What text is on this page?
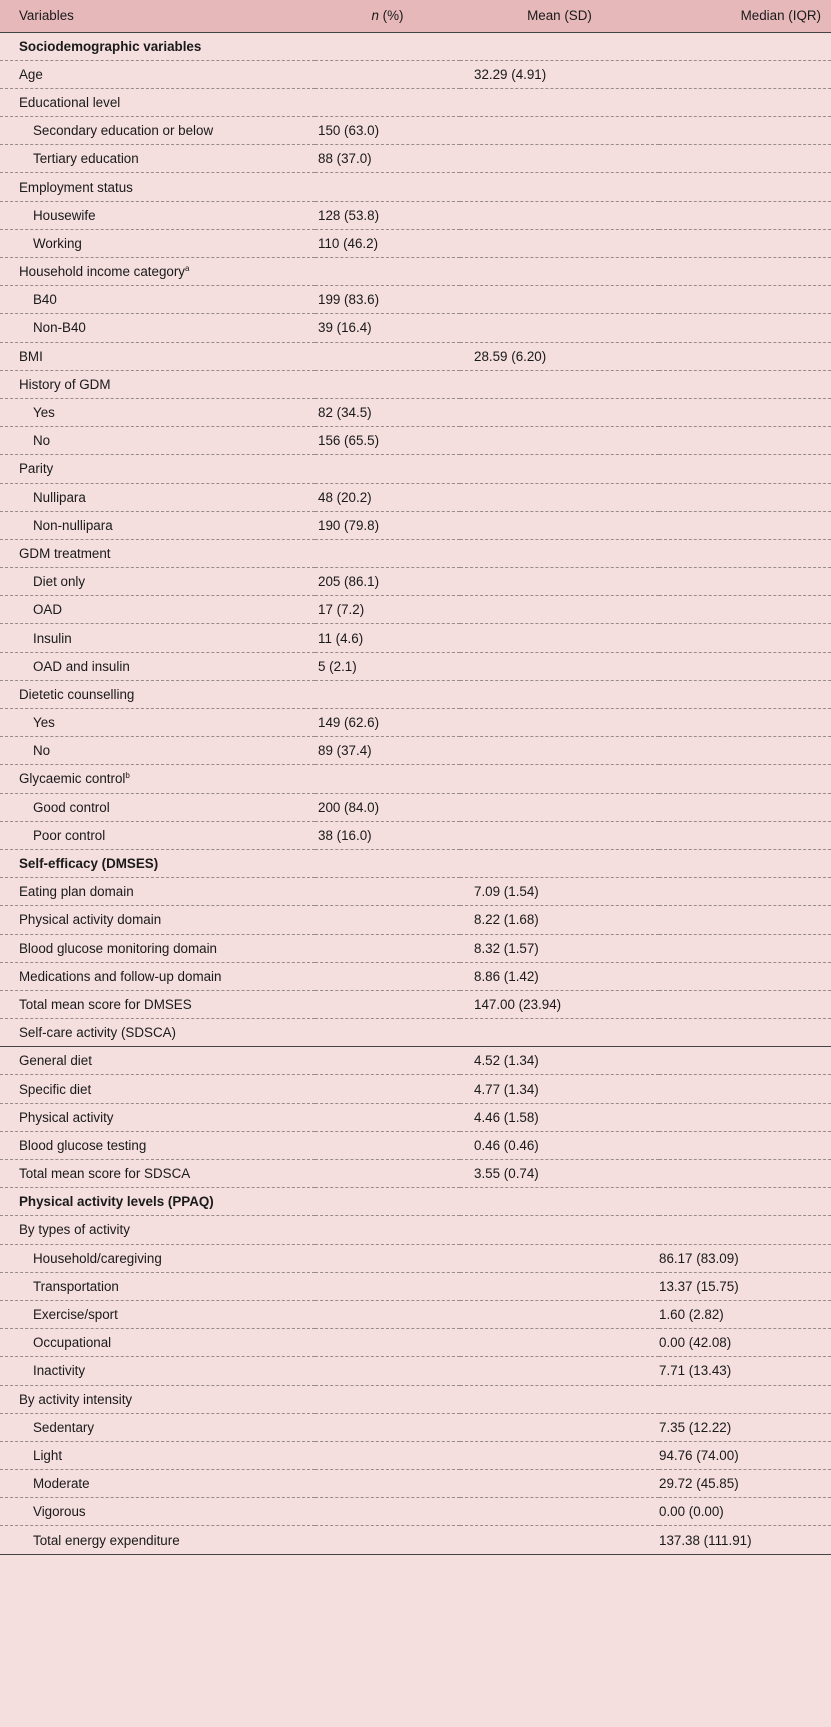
Variables	n (%)	Mean (SD)	Median (IQR)
Sociodemographic variables			
Age		32.29 (4.91)	
Educational level			
Secondary education or below	150 (63.0)		
Tertiary education	88 (37.0)		
Employment status			
Housewife	128 (53.8)		
Working	110 (46.2)		
Household income category$^a$			
B40	199 (83.6)		
Non-B40	39 (16.4)		
BMI		28.59 (6.20)	
History of GDM			
Yes	82 (34.5)		
No	156 (65.5)		
Parity			
Nullipara	48 (20.2)		
Non-nullipara	190 (79.8)		
GDM treatment			
Diet only	205 (86.1)		
OAD	17 (7.2)		
Insulin	11 (4.6)		
OAD and insulin	5 (2.1)		
Dietetic counselling			
Yes	149 (62.6)		
No	89 (37.4)		
Glycaemic control$^b$			
Good control	200 (84.0)		
Poor control	38 (16.0)		
Self-efficacy (DMSES)			
Eating plan domain		7.09 (1.54)	
Physical activity domain		8.22 (1.68)	
Blood glucose monitoring domain		8.32 (1.57)	
Medications and follow-up domain		8.86 (1.42)	
Total mean score for DMSES		147.00 (23.94)	
Self-care activity (SDSCA)			
General diet		4.52 (1.34)	
Specific diet		4.77 (1.34)	
Physical activity		4.46 (1.58)	
Blood glucose testing		0.46 (0.46)	
Total mean score for SDSCA		3.55 (0.74)	
Physical activity levels (PPAQ)			
By types of activity			
Household/caregiving			86.17 (83.09)
Transportation			13.37 (15.75)
Exercise/sport			1.60 (2.82)
Occupational			0.00 (42.08)
Inactivity			7.71 (13.43)
By activity intensity			
Sedentary			7.35 (12.22)
Light			94.76 (74.00)
Moderate			29.72 (45.85)
Vigorous			0.00 (0.00)
Total energy expenditure			137.38 (111.91)
